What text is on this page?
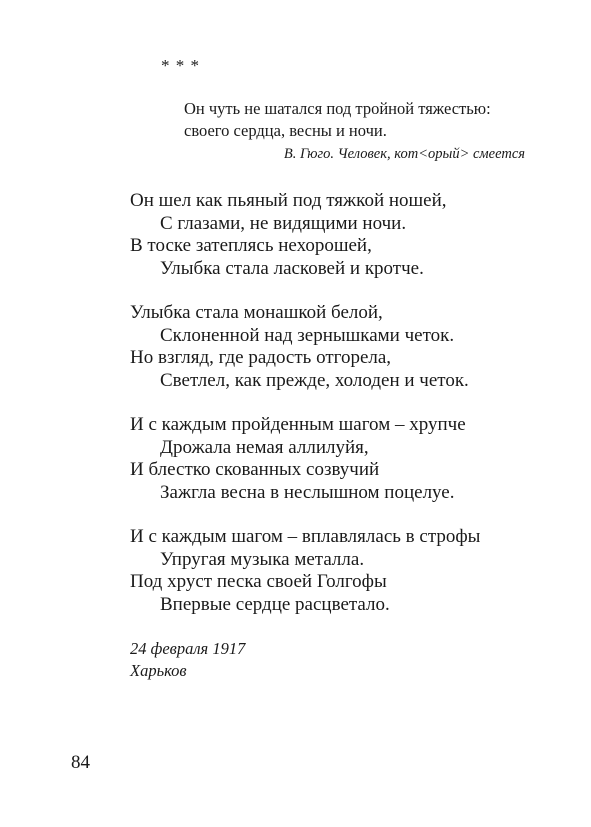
* * *
Он чуть не шатался под тройной тяжестью:
своего сердца, весны и ночи.
В. Гюго. Человек, кот<орый> смеется
Он шел как пьяный под тяжкой ношей,
С глазами, не видящими ночи.
В тоске затеплясь нехорошей,
Улыбка стала ласковей и кротче.
Улыбка стала монашкой белой,
Склоненной над зернышками четок.
Но взгляд, где радость отгорела,
Светлел, как прежде, холоден и четок.
И с каждым пройденным шагом – хрупче
Дрожала немая аллилуйя,
И блестко скованных созвучий
Зажгла весна в неслышном поцелуе.
И с каждым шагом – вплавлялась в строфы
Упругая музыка металла.
Под хруст песка своей Голгофы
Впервые сердце расцветало.
24 февраля 1917
Харьков
84
